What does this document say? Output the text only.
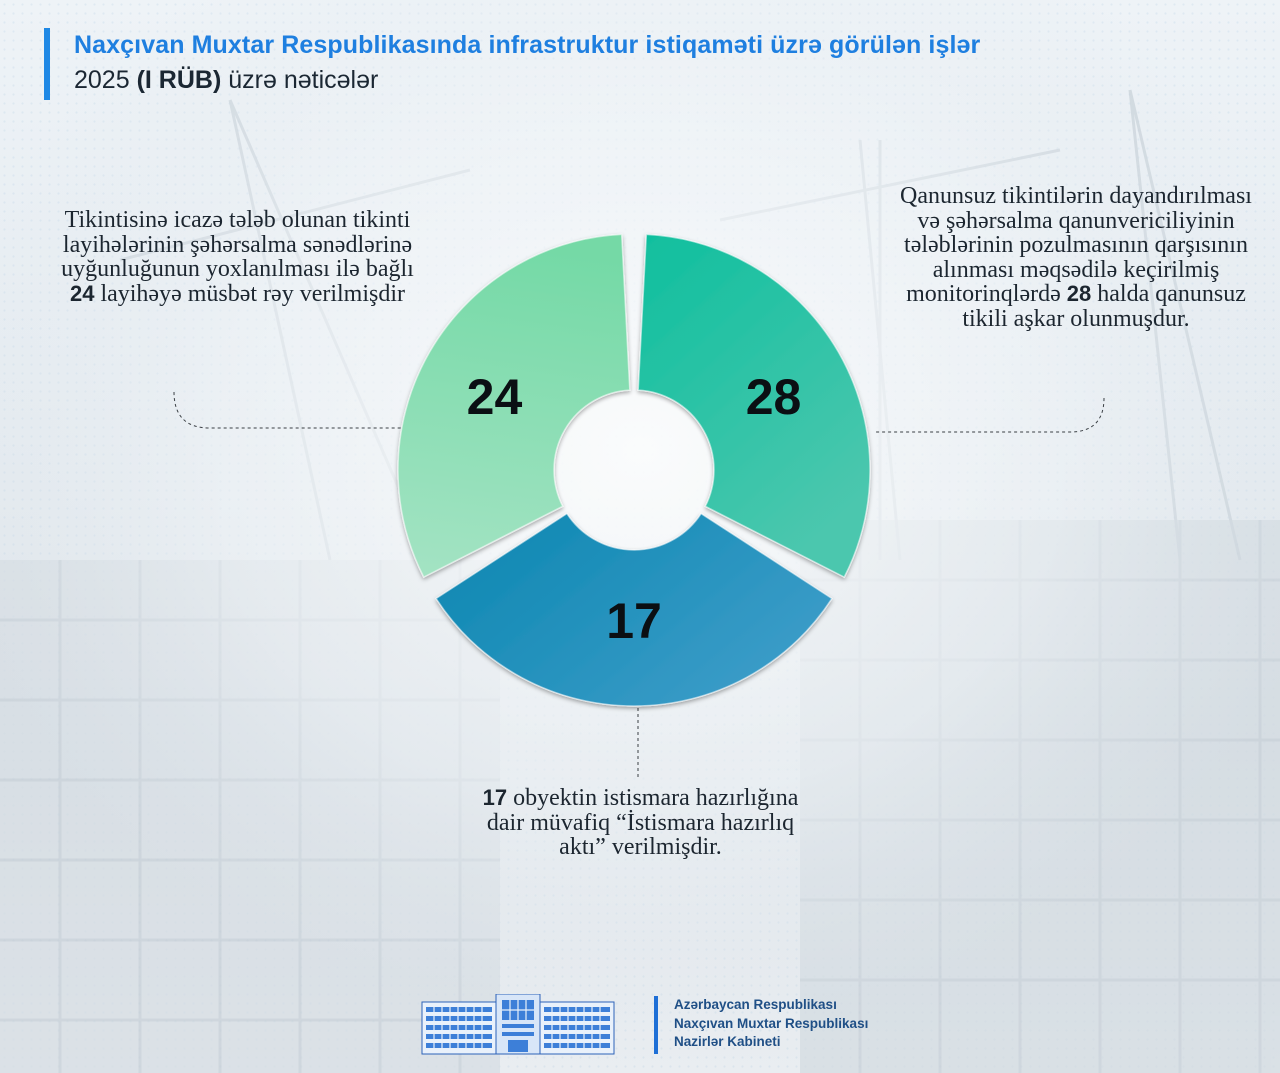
Naxçıvan Muxtar Respublikasında infrastruktur istiqaməti üzrə görülən işlər
2025 (I RÜB) üzrə nəticələr
28
17
24
Tikintisinə icazə tələb olunan tikinti layihələrinin şəhərsalma sənədlərinə uyğunluğunun yoxlanılması ilə bağlı 24 layihəyə müsbət rəy verilmişdir
Qanunsuz tikintilərin dayandırılması və şəhərsalma qanunvericiliyinin tələblərinin pozulmasının qarşısının alınması məqsədilə keçirilmiş monitorinqlərdə 28 halda qanunsuz tikili aşkar olunmuşdur.
17 obyektin istismara hazırlığına dair müvafiq “İstismara hazırlıq aktı” verilmişdir.
Azərbaycan Respublikası
Naxçıvan Muxtar Respublikası
Nazirlər Kabineti
